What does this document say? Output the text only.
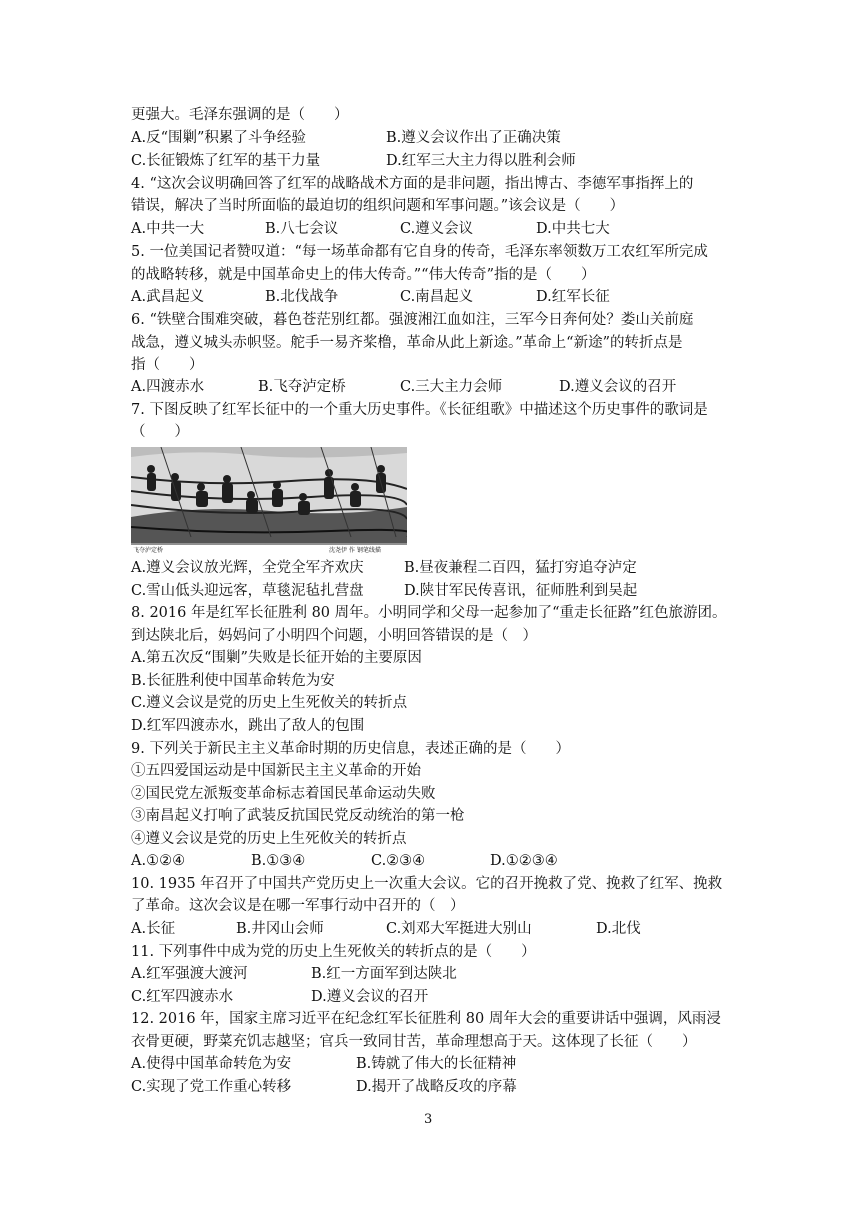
更强大。毛泽东强调的是（　　）
A.反“围剿”积累了斗争经验	B.遵义会议作出了正确决策
C.长征锻炼了红军的基干力量	D.红军三大主力得以胜利会师
4. “这次会议明确回答了红军的战略战术方面的是非问题，指出博古、李德军事指挥上的
错误，解决了当时所面临的最迫切的组织问题和军事问题。”该会议是（　　）
A.中共一大	B.八七会议	C.遵义会议	D.中共七大
5. 一位美国记者赞叹道：“每一场革命都有它自身的传奇，毛泽东率领数万工农红军所完成
的战略转移，就是中国革命史上的伟大传奇。”“伟大传奇”指的是（　　）
A.武昌起义	B.北伐战争	C.南昌起义	D.红军长征
6. “铁壁合围难突破，暮色苍茫别红都。强渡湘江血如注，三军今日奔何处？娄山关前庭
战急，遵义城头赤帜竖。舵手一易齐桨橹，革命从此上新途。”革命上“新途”的转折点是
指（　　）
A.四渡赤水	B.飞夺泸定桥	C.三大主力会师	D.遵义会议的召开
7. 下图反映了红军长征中的一个重大历史事件。《长征组歌》中描述这个历史事件的歌词是
（　　）
飞夺泸定桥	沈尧伊 作 钢笔线描
A.遵义会议放光辉，全党全军齐欢庆	B.昼夜兼程二百四，猛打穷追夺泸定
C.雪山低头迎远客，草毯泥毡扎营盘	D.陕甘军民传喜讯，征师胜利到吴起
8. 2016 年是红军长征胜利 80 周年。小明同学和父母一起参加了“重走长征路”红色旅游团。
到达陕北后，妈妈问了小明四个问题，小明回答错误的是（　）
A.第五次反“围剿”失败是长征开始的主要原因
B.长征胜利使中国革命转危为安
C.遵义会议是党的历史上生死攸关的转折点
D.红军四渡赤水，跳出了敌人的包围
9. 下列关于新民主主义革命时期的历史信息，表述正确的是（　　）
①五四爱国运动是中国新民主主义革命的开始
②国民党左派叛变革命标志着国民革命运动失败
③南昌起义打响了武装反抗国民党反动统治的第一枪
④遵义会议是党的历史上生死攸关的转折点
A.①②④	B.①③④	C.②③④	D.①②③④
10. 1935 年召开了中国共产党历史上一次重大会议。它的召开挽救了党、挽救了红军、挽救
了革命。这次会议是在哪一军事行动中召开的（　）
A.长征	B.井冈山会师	C.刘邓大军挺进大别山	D.北伐
11. 下列事件中成为党的历史上生死攸关的转折点的是（　　）
A.红军强渡大渡河	B.红一方面军到达陕北
C.红军四渡赤水	D.遵义会议的召开
12. 2016 年，国家主席习近平在纪念红军长征胜利 80 周年大会的重要讲话中强调，风雨浸
衣骨更硬，野菜充饥志越坚；官兵一致同甘苦，革命理想高于天。这体现了长征（　　）
A.使得中国革命转危为安	B.铸就了伟大的长征精神
C.实现了党工作重心转移	D.揭开了战略反攻的序幕
3
